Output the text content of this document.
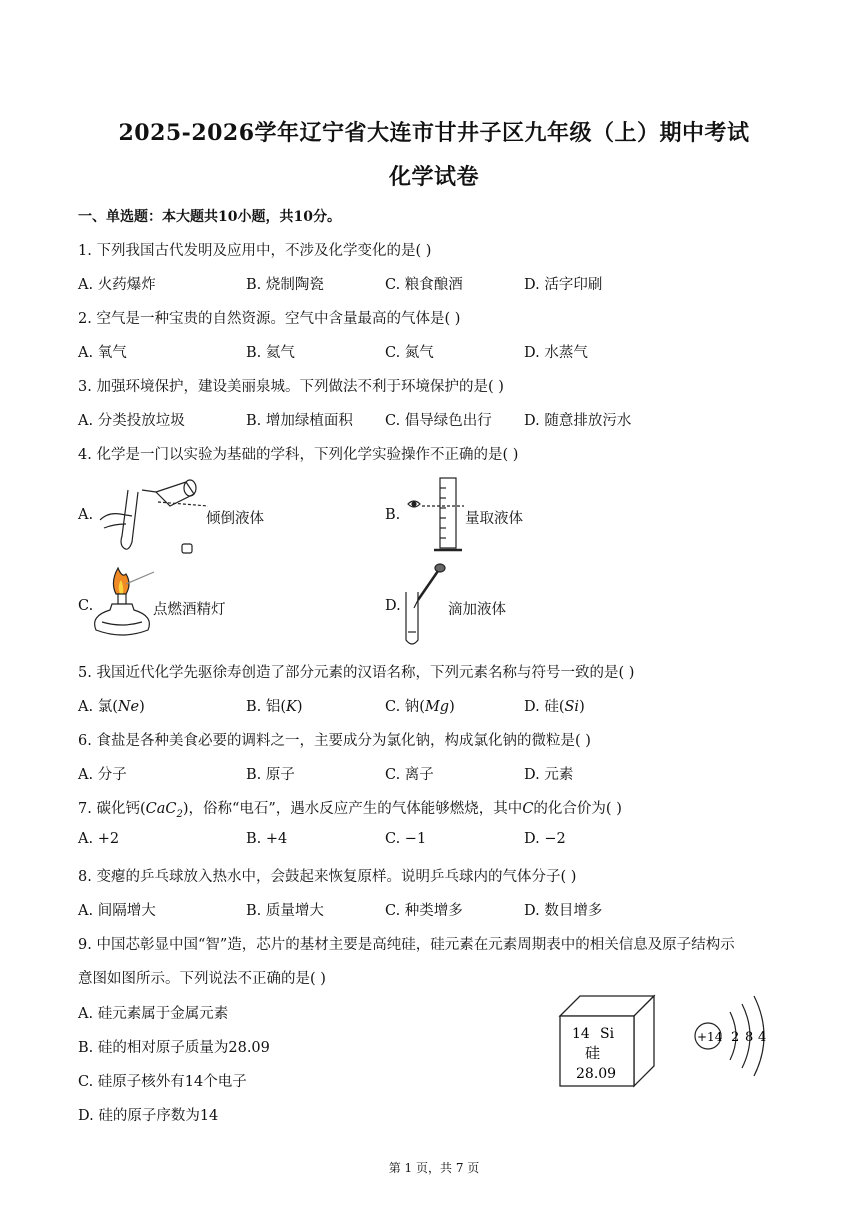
2025-2026学年辽宁省大连市甘井子区九年级（上）期中考试
化学试卷
一、单选题：本大题共10小题，共10分。
1. 下列我国古代发明及应用中，不涉及化学变化的是( )
A. 火药爆炸	B. 烧制陶瓷	C. 粮食酿酒	D. 活字印刷
2. 空气是一种宝贵的自然资源。空气中含量最高的气体是( )
A. 氧气	B. 氦气	C. 氮气	D. 水蒸气
3. 加强环境保护，建设美丽泉城。下列做法不利于环境保护的是( )
A. 分类投放垃圾	B. 增加绿植面积 C. 倡导绿色出行 D. 随意排放污水
4. 化学是一门以实验为基础的学科，下列化学实验操作不正确的是( )
A.	倾倒液体	B.	量取液体
C.	点燃酒精灯	D.	滴加液体
5. 我国近代化学先驱徐寿创造了部分元素的汉语名称，下列元素名称与符号一致的是( )
A. 氯(Ne)	B. 铝(K)	C. 钠(Mg)	D. 硅(Si)
6. 食盐是各种美食必要的调料之一，主要成分为氯化钠，构成氯化钠的微粒是( )
A. 分子	B. 原子	C. 离子	D. 元素
7. 碳化钙(CaC$_2$)，俗称“电石”，遇水反应产生的气体能够燃烧，其中C的化合价为( )
A. +2	B. +4	C. −1	D. −2
8. 变瘪的乒乓球放入热水中，会鼓起来恢复原样。说明乒乓球内的气体分子( )
A. 间隔增大	B. 质量增大	C. 种类增多	D. 数目增多
9. 中国芯彰显中国“智”造，芯片的基材主要是高纯硅，硅元素在元素周期表中的相关信息及原子结构示
意图如图所示。下列说法不正确的是( )
A. 硅元素属于金属元素
B. 硅的相对原子质量为28.09
C. 硅原子核外有14个电子
D. 硅的原子序数为14
14 Si
硅
28.09
+14 2 8 4
第 1 页，共 7 页
